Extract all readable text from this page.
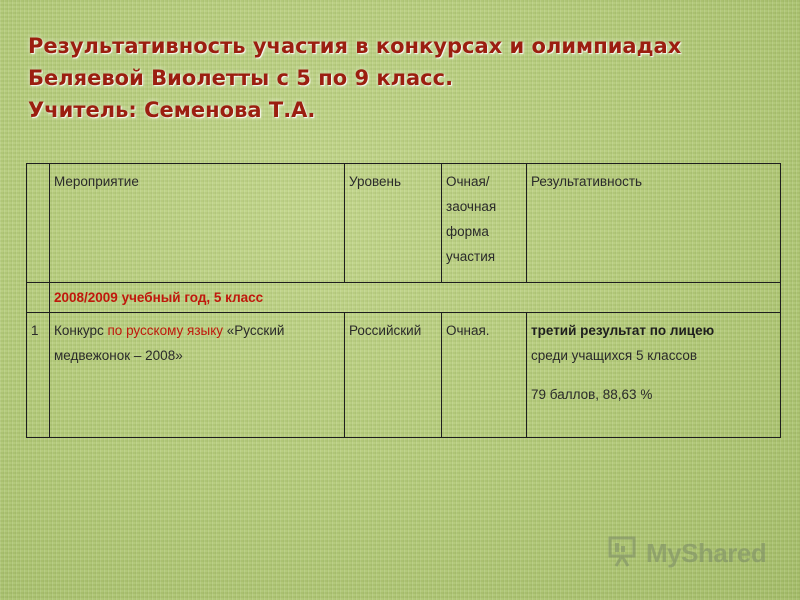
Результативность участия в конкурсах и олимпиадах
Беляевой Виолетты с 5 по 9 класс.
Учитель: Семенова Т.А.
	Мероприятие	Уровень	Очная/ заочная форма участия	Результативность
	2008/2009 учебный год, 5 класс			
1	Конкурс по русскому языку «Русский медвежонок – 2008»	Российский	Очная.	третий результат по лицею
среди учащихся 5 классов
79 баллов, 88,63 %
MyShared
